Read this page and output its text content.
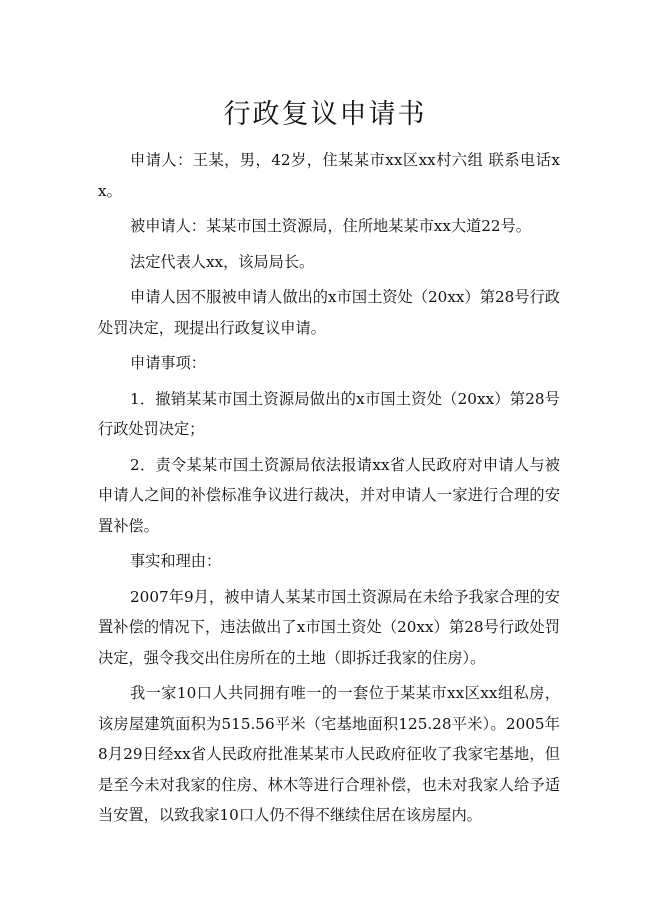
行政复议申请书

申请人：王某，男，42岁，住某某市xx区xx村六组 联系电话xx。

被申请人：某某市国土资源局，住所地某某市xx大道22号。

法定代表人xx，该局局长。

申请人因不服被申请人做出的x市国土资处（20xx）第28号行政处罚决定，现提出行政复议申请。

申请事项：

1．撤销某某市国土资源局做出的x市国土资处（20xx）第28号行政处罚决定；

2．责令某某市国土资源局依法报请xx省人民政府对申请人与被申请人之间的补偿标准争议进行裁决，并对申请人一家进行合理的安置补偿。

事实和理由：

2007年9月，被申请人某某市国土资源局在未给予我家合理的安置补偿的情况下，违法做出了x市国土资处（20xx）第28号行政处罚决定，强令我交出住房所在的土地（即拆迁我家的住房）。

我一家10口人共同拥有唯一的一套位于某某市xx区xx组私房，该房屋建筑面积为515.56平米（宅基地面积125.28平米）。2005年8月29日经xx省人民政府批准某某市人民政府征收了我家宅基地，但是至今未对我家的住房、林木等进行合理补偿，也未对我家人给予适当安置，以致我家10口人仍不得不继续住居在该房屋内。
